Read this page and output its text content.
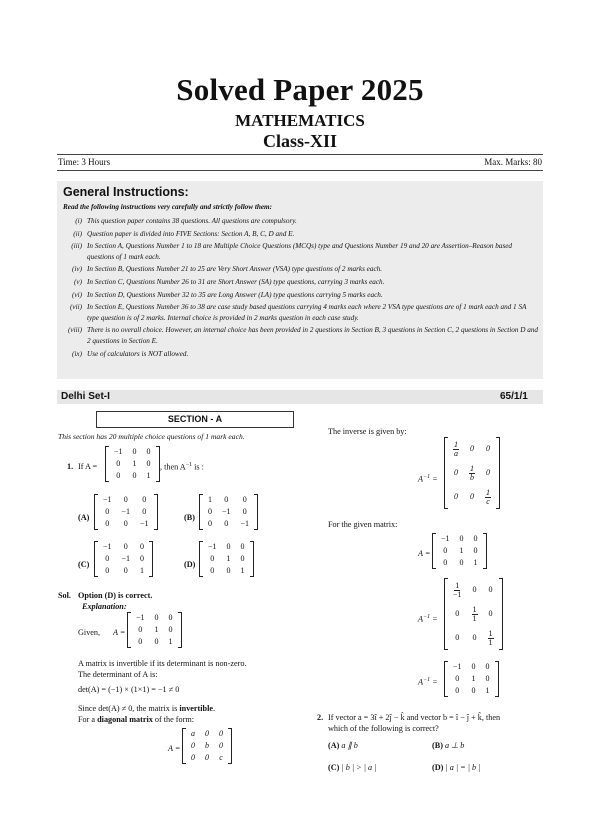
Solved Paper 2025
MATHEMATICS
Class-XII
Time: 3 Hours	Max. Marks: 80
General Instructions:
Read the following instructions very carefully and strictly follow them:
(i) This question paper contains 38 questions. All questions are compulsory.
(ii) Question paper is divided into FIVE Sections: Section A, B, C, D and E.
(iii) In Section A, Questions Number 1 to 18 are Multiple Choice Questions (MCQs) type and Questions Number 19 and 20 are Assertion–Reason based questions of 1 mark each.
(iv) In Section B, Questions Number 21 to 25 are Very Short Answer (VSA) type questions of 2 marks each.
(v) In Section C, Questions Number 26 to 31 are Short Answer (SA) type questions, carrying 3 marks each.
(vi) In Section D, Questions Number 32 to 35 are Long Answer (LA) type questions carrying 5 marks each.
(vii) In Section E, Questions Number 36 to 38 are case study based questions carrying 4 marks each where 2 VSA type questions are of 1 mark each and 1 SA type question is of 2 marks. Internal choice is provided in 2 marks question in each case study.
(viii) There is no overall choice. However, an internal choice has been provided in 2 questions in Section B, 3 questions in Section C, 2 questions in Section D and 2 questions in Section E.
(ix) Use of calculators is NOT allowed.
Delhi Set-I	65/1/1
SECTION - A
This section has 20 multiple choice questions of 1 mark each.
1. If A =
−1	0	0
0	1	0
0	0	1
, then $A^{-1}$ is :
(A)
−1	0	0
0	−1	0
0	0	−1
(B)
1	0	0
0	−1	0
0	0	−1
(C)
−1	0	0
0	−1	0
0	0	1
(D)
−1	0	0
0	1	0
0	0	1
Sol. Option (D) is correct.
Explanation:
Given, A =
−1	0	0
0	1	0
0	0	1
A matrix is invertible if its determinant is non-zero.
The determinant of A is:
det(A) = (−1) × (1×1) = −1 ≠ 0
Since det(A) ≠ 0, the matrix is invertible.
For a diagonal matrix of the form:
A =
a	0	0
0	b	0
0	0	c
The inverse is given by:
$A^{-1}$ =
$\frac{1}{a}$	0	0
0	$\frac{1}{b}$	0
0	0	$\frac{1}{c}$
For the given matrix:
A =
−1	0	0
0	1	0
0	0	1
$A^{-1}$ =
$\frac{1}{-1}$	0	0
0	$\frac{1}{1}$	0
0	0	$\frac{1}{1}$
$A^{-1}$ =
−1	0	0
0	1	0
0	0	1
2. If vector a = 3î + 2ĵ − k̂ and vector b = î − ĵ + k̂, then
which of the following is correct?
(A) a ∥ b	(B) a ⊥ b
(C) | b | > | a |	(D) | a | = | b |
